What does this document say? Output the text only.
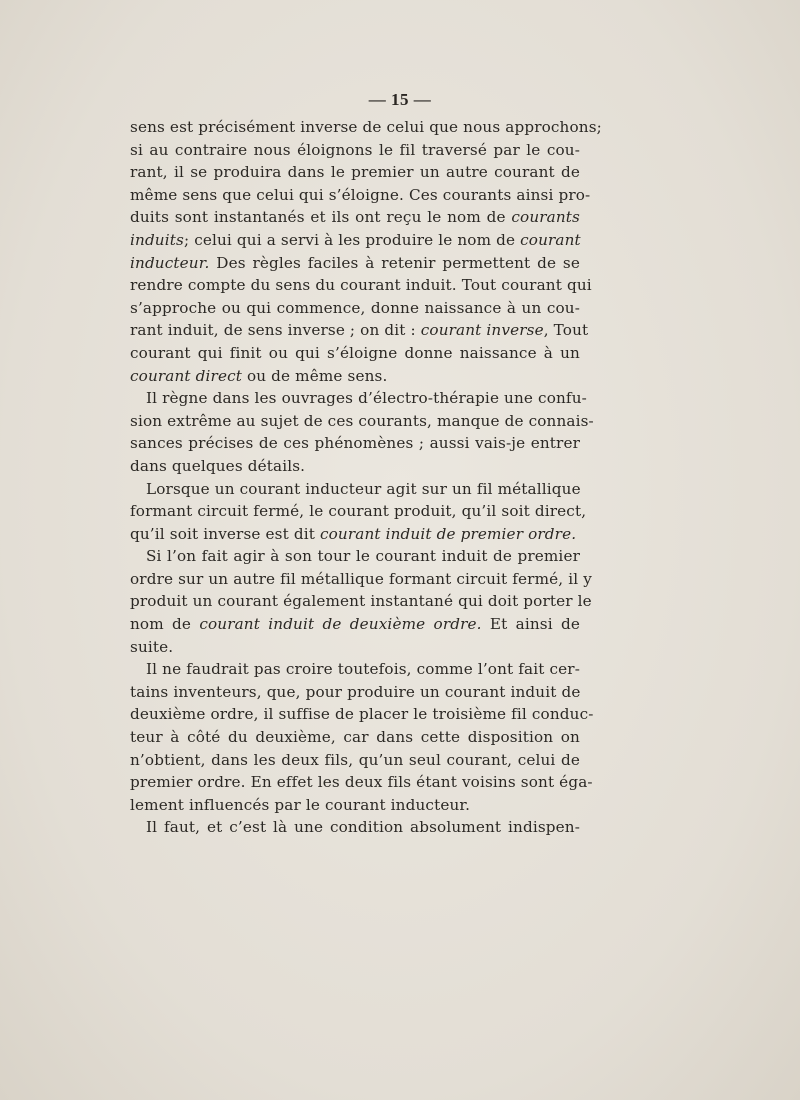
— 15 —
sens est précisément inverse de celui que nous approchons;
si au contraire nous éloignons le fil traversé par le cou-
rant, il se produira dans le premier un autre courant de
même sens que celui qui s’éloigne. Ces courants ainsi pro-
duits sont instantanés et ils ont reçu le nom de courants
induits; celui qui a servi à les produire le nom de courant
inducteur. Des règles faciles à retenir permettent de se
rendre compte du sens du courant induit. Tout courant qui
s’approche ou qui commence, donne naissance à un cou-
rant induit, de sens inverse ; on dit : courant inverse, Tout
courant qui finit ou qui s’éloigne donne naissance à un
courant direct ou de même sens.
Il règne dans les ouvrages d’électro-thérapie une confu-
sion extrême au sujet de ces courants, manque de connais-
sances précises de ces phénomènes ; aussi vais-je entrer
dans quelques détails.
Lorsque un courant inducteur agit sur un fil métallique
formant circuit fermé, le courant produit, qu’il soit direct,
qu’il soit inverse est dit courant induit de premier ordre.
Si l’on fait agir à son tour le courant induit de premier
ordre sur un autre fil métallique formant circuit fermé, il y
produit un courant également instantané qui doit porter le
nom de courant induit de deuxième ordre. Et ainsi de
suite.
Il ne faudrait pas croire toutefois, comme l’ont fait cer-
tains inventeurs, que, pour produire un courant induit de
deuxième ordre, il suffise de placer le troisième fil conduc-
teur à côté du deuxième, car dans cette disposition on
n’obtient, dans les deux fils, qu’un seul courant, celui de
premier ordre. En effet les deux fils étant voisins sont éga-
lement influencés par le courant inducteur.
Il faut, et c’est là une condition absolument indispen-
